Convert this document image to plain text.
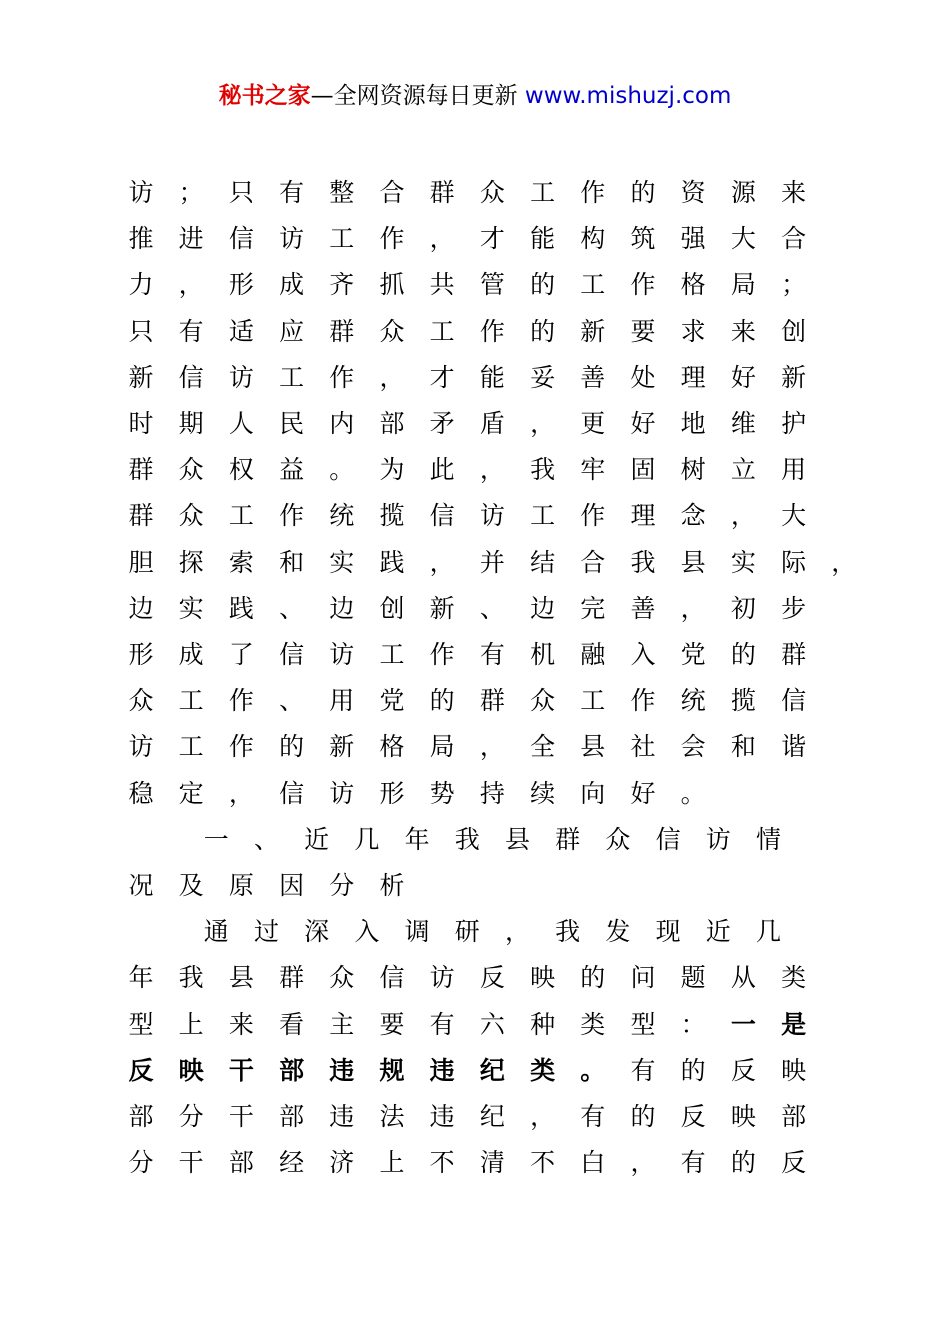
秘书之家—全网资源每日更新 www.mishuzj.com
访 ； 只 有 整 合 群 众 工 作 的 资 源 来
推 进 信 访 工 作 ， 才 能 构 筑 强 大 合
力 ， 形 成 齐 抓 共 管 的 工 作 格 局 ；
只 有 适 应 群 众 工 作 的 新 要 求 来 创
新 信 访 工 作 ， 才 能 妥 善 处 理 好 新
时 期 人 民 内 部 矛 盾 ， 更 好 地 维 护
群 众 权 益 。 为 此 ， 我 牢 固 树 立 用
群 众 工 作 统 揽 信 访 工 作 理 念 ， 大
胆 探 索 和 实 践 ， 并 结 合 我 县 实 际 ，
边 实 践 、 边 创 新 、 边 完 善 ， 初 步
形 成 了 信 访 工 作 有 机 融 入 党 的 群
众 工 作 、 用 党 的 群 众 工 作 统 揽 信
访 工 作 的 新 格 局 ， 全 县 社 会 和 谐
稳 定 ， 信 访 形 势 持 续 向 好 。
一 、 近 几 年 我 县 群 众 信 访 情
况 及 原 因 分 析
通 过 深 入 调 研 ， 我 发 现 近 几
年 我 县 群 众 信 访 反 映 的 问 题 从 类
型 上 来 看 主 要 有 六 种 类 型 ： 一 是
反 映 干 部 违 规 违 纪 类 。 有 的 反 映
部 分 干 部 违 法 违 纪 ， 有 的 反 映 部
分 干 部 经 济 上 不 清 不 白 ， 有 的 反
